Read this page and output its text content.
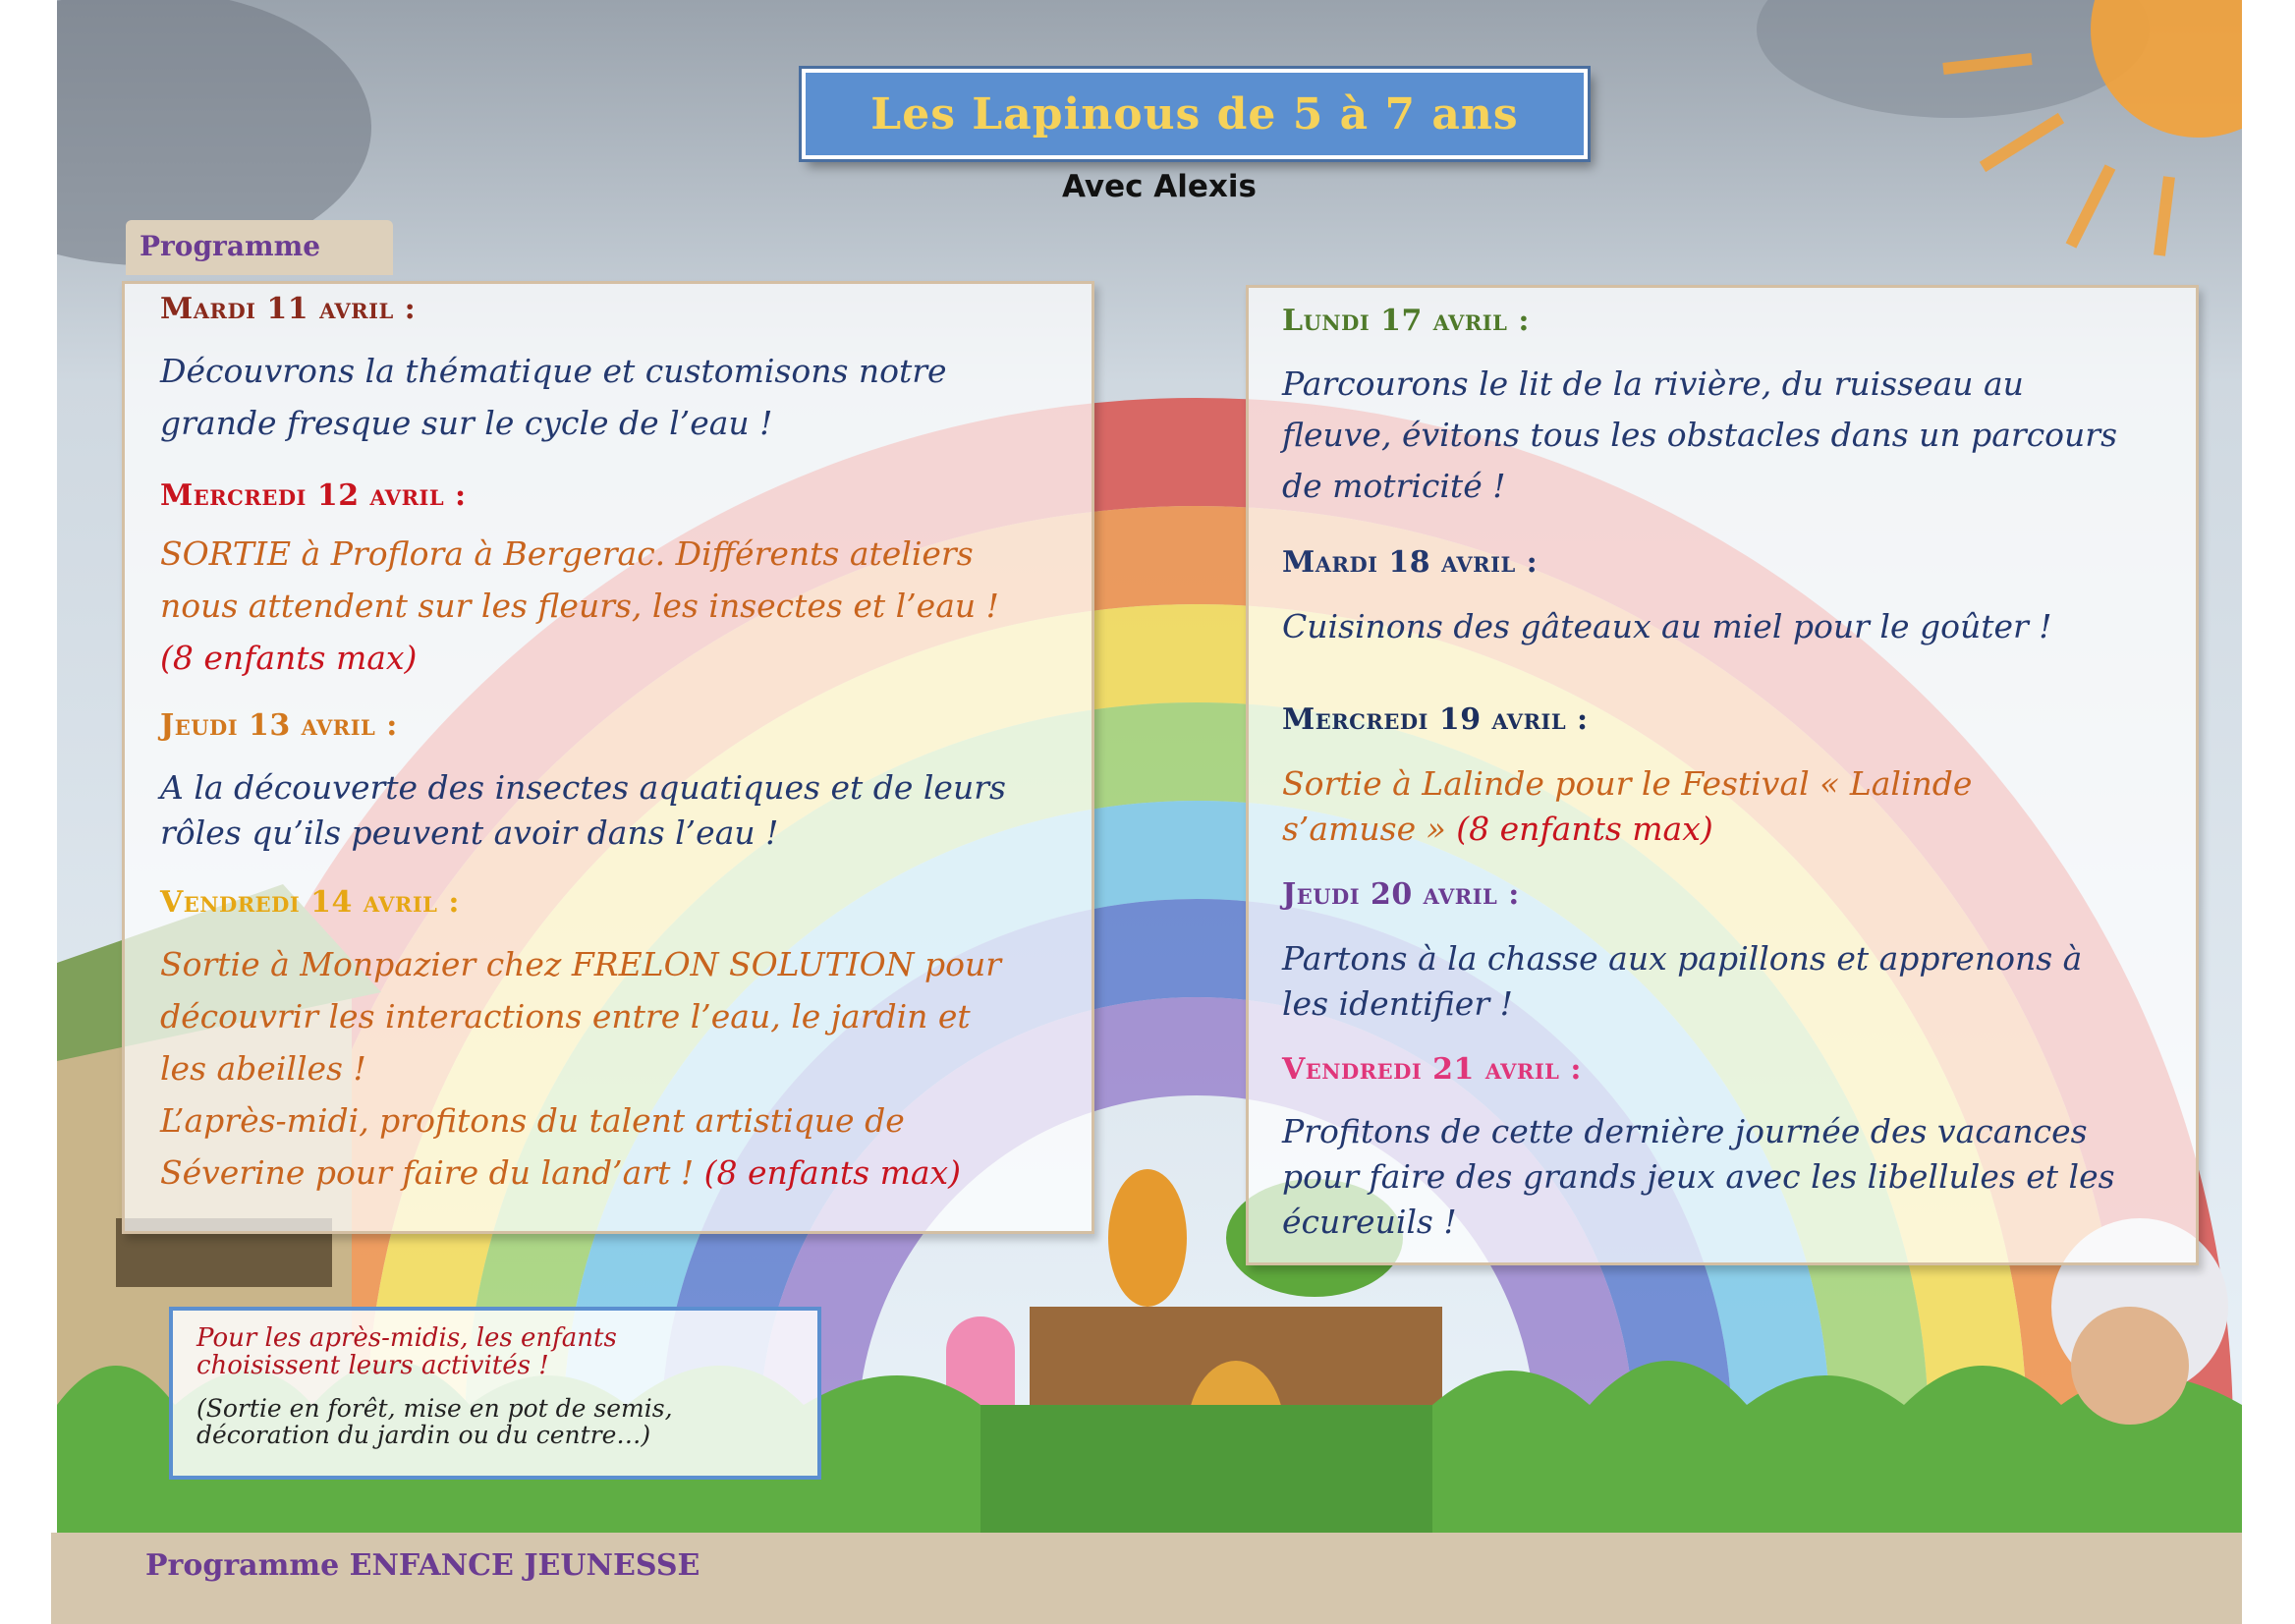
Les Lapinous de 5 à 7 ans
Avec Alexis
Programme
Mardi 11 avril :
Découvrons la thématique et customisons notre
grande fresque sur le cycle de l’eau !
Mercredi 12 avril :
SORTIE à Proflora à Bergerac. Différents ateliers
nous attendent sur les fleurs, les insectes et l’eau !
(8 enfants max)
Jeudi 13 avril :
A la découverte des insectes aquatiques et de leurs
rôles qu’ils peuvent avoir dans l’eau !
Vendredi 14 avril :
Sortie à Monpazier chez FRELON SOLUTION pour
découvrir les interactions entre l’eau, le jardin et
les abeilles !
L’après-midi, profitons du talent artistique de
Séverine pour faire du land’art ! (8 enfants max)
Lundi 17 avril :
Parcourons le lit de la rivière, du ruisseau au
fleuve, évitons tous les obstacles dans un parcours
de motricité !
Mardi 18 avril :
Cuisinons des gâteaux au miel pour le goûter !
Mercredi 19 avril :
Sortie à Lalinde pour le Festival « Lalinde
s’amuse » (8 enfants max)
Jeudi 20 avril :
Partons à la chasse aux papillons et apprenons à
les identifier !
Vendredi 21 avril :
Profitons de cette dernière journée des vacances
pour faire des grands jeux avec les libellules et les
écureuils !
Pour les après-midis, les enfants
choisissent leurs activités !
(Sortie en forêt, mise en pot de semis,
décoration du jardin ou du centre…)
Programme ENFANCE JEUNESSE
